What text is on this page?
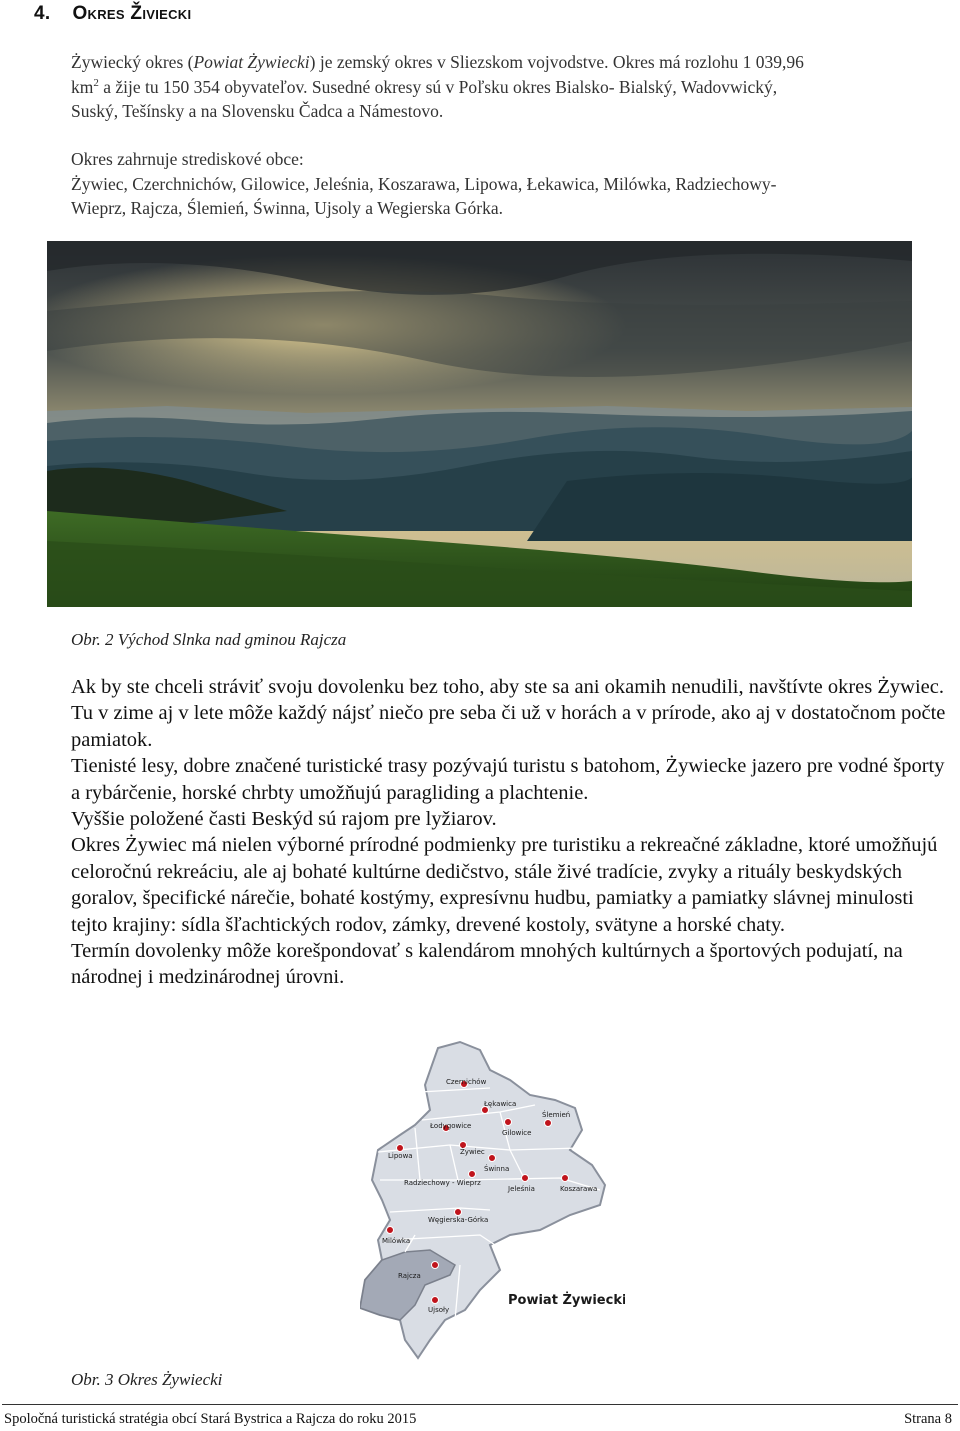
4. Okres Živiecki
Żywiecký okres (Powiat Żywiecki) je zemský okres v Sliezskom vojvodstve. Okres má rozlohu 1 039,96
$km^2$ a žije tu 150 354 obyvateľov. Susedné okresy sú v Poľsku okres Bialsko- Bialský, Wadovwický,
Suský, Tešínsky a na Slovensku Čadca a Námestovo.
Okres zahrnuje strediskové obce:
Żywiec, Czerchnichów, Gilowice, Jeleśnia, Koszarawa, Lipowa, Łekawica, Milówka, Radziechowy-
Wieprz, Rajcza, Ślemień, Świnna, Ujsoly a Wegierska Górka.
Obr. 2 Východ Slnka nad gminou Rajcza

Ak by ste chceli stráviť svoju dovolenku bez toho, aby ste sa ani okamih nenudili, navštívte okres Żywiec. Tu v zime aj v lete môže každý nájsť niečo pre seba či už v horách a v prírode, ako aj v dostatočnom počte pamiatok.

Tienisté lesy, dobre značené turistické trasy pozývajú turistu s batohom, Żywiecke jazero pre vodné športy a rybárčenie, horské chrbty umožňujú paragliding a plachtenie.

Vyššie položené časti Beskýd sú rajom pre lyžiarov.

Okres Żywiec má nielen výborné prírodné podmienky pre turistiku a rekreačné základne, ktoré umožňujú celoročnú rekreáciu, ale aj bohaté kultúrne dedičstvo, stále živé tradície, zvyky a rituály beskydských goralov, špecifické nárečie, bohaté kostýmy, expresívnu hudbu, pamiatky a pamiatky slávnej minulosti tejto krajiny: sídla šľachtických rodov, zámky, drevené kostoly, svätyne a horské chaty.

Termín dovolenky môže korešpondovať s kalendárom mnohých kultúrnych a športových podujatí, na národnej i medzinárodnej úrovni.

Czernichów
Łękawica
Ślemień
Łodygowice
Gilowice
Lipowa	Żywiec
Świnna
Radziechowy - Wieprz
Jeleśnia	Koszarawa
Węgierska-Górka
Milówka
Rajcza
Ujsoły
Powiat Żywiecki
Obr. 3 Okres Żywiecki
Spoločná turistická stratégia obcí Stará Bystrica a Rajcza do roku 2015	Strana 8
